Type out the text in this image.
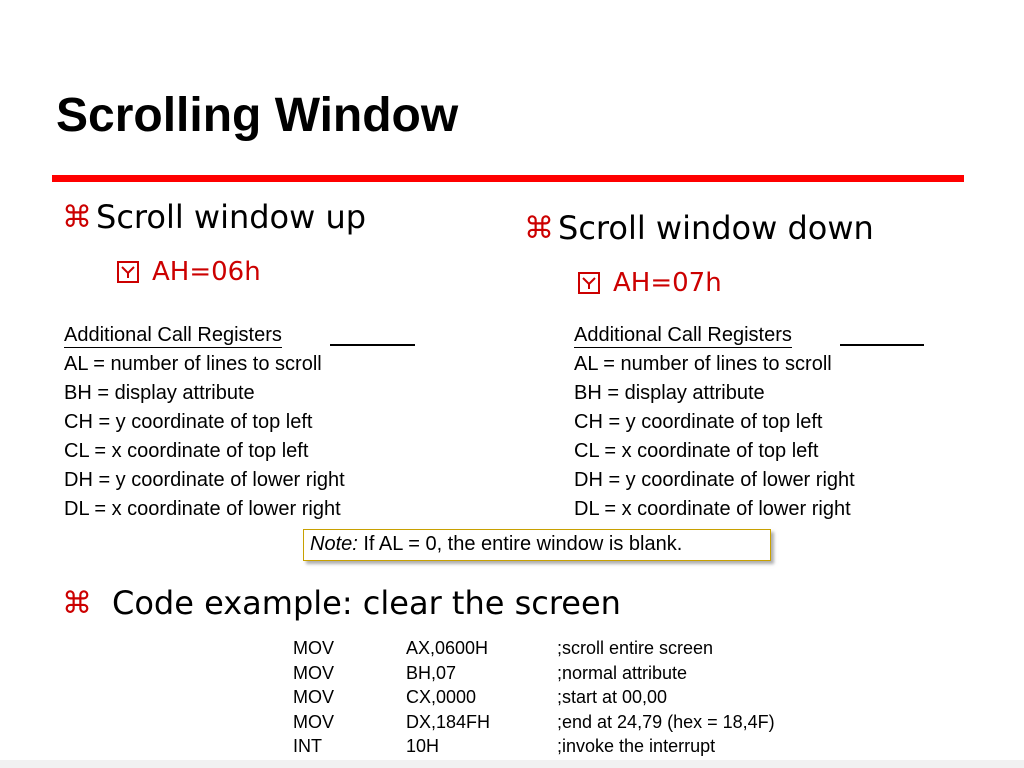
Scrolling Window
⌘ Scroll window up
AH=06h
Additional Call Registers
AL = number of lines to scroll
BH = display attribute
CH = y coordinate of top left
CL = x coordinate of top left
DH = y coordinate of lower right
DL = x coordinate of lower right
⌘ Scroll window down
AH=07h
Additional Call Registers
AL = number of lines to scroll
BH = display attribute
CH = y coordinate of top left
CL = x coordinate of top left
DH = y coordinate of lower right
DL = x coordinate of lower right
Note: If AL = 0, the entire window is blank.
⌘ Code example: clear the screen
MOV	AX,0600H	;scroll entire screen
MOV	BH,07	;normal attribute
MOV	CX,0000	;start at 00,00
MOV	DX,184FH	;end at 24,79 (hex = 18,4F)
INT	10H	;invoke the interrupt
